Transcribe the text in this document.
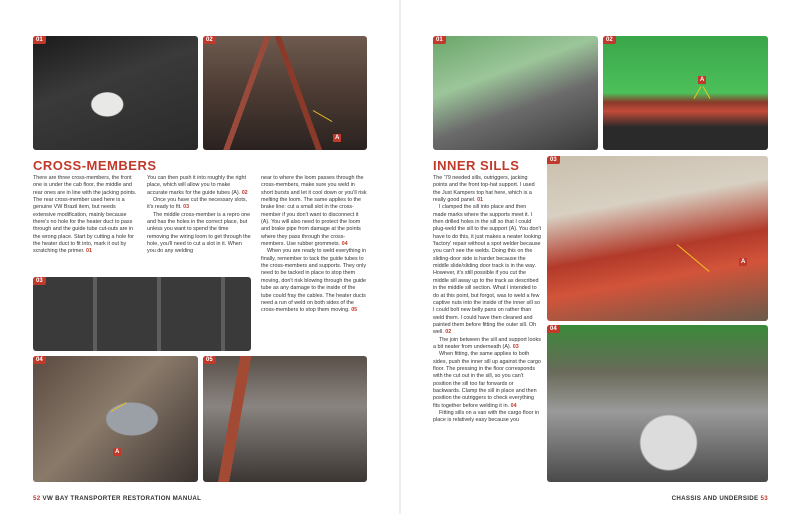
01	02
A
CROSS-MEMBERS

There are three cross-members, the front one is under the cab floor, the middle and rear ones are in line with the jacking points. The rear cross-member used here is a genuine VW Brazil item, but needs extensive modification, mainly because there's no hole for the heater duct to pass through and the guide tube cut-outs are in the wrong place. Start by cutting a hole for the heater duct to fit into, mark it out by scratching the primer. 01

You can then push it into roughly the right place, which will allow you to make accurate marks for the guide tubes (A). 02

Once you have cut the necessary slots, it's ready to fit. 03

The middle cross-member is a repro one and has the holes in the correct place, but unless you want to spend the time removing the wiring loom to get through the hole, you'll need to cut a slot in it. When you do any welding

near to where the loom passes through the cross-members, make sure you weld in short bursts and let it cool down or you'll risk melting the loom. The same applies to the brake line: cut a small slot in the cross-member if you don't want to disconnect it (A). You will also need to protect the loom and brake pipe from damage at the points where they pass through the cross-members. Use rubber grommets. 04

When you are ready to weld everything in finally, remember to tack the guide tubes to the cross-members and supports. They only need to be tacked in place to stop them moving, don't risk blowing through the guide tube as any damage to the inside of the tube could fray the cables. The heater ducts need a run of weld on both sides of the cross-members to stop them moving. 05

03
04
A
05
52 VW BAY TRANSPORTER RESTORATION MANUAL
01	02
A
INNER SILLS

The '79 needed sills, outriggers, jacking points and the front top-hat support. I used the Just Kampers top hat here, which is a really good panel. 01

I clamped the sill into place and then made marks where the supports meet it. I then drilled holes in the sill so that I could plug-weld the sill to the support (A). You don't have to do this, it just makes a neater looking 'factory' repair without a spot welder because you can't see the welds. Doing this on the sliding-door side is harder because the middle slide/sliding door track is in the way. However, it's still possible if you cut the middle sill away up to the track as described in the middle sill section. What I intended to do at this point, but forgot, was to weld a few captive nuts into the inside of the inner sill so I could bolt new belly pans on rather than weld them. I could have then cleaned and painted them before fitting the outer sill. Oh well. 02

The join between the sill and support looks a bit neater from underneath (A). 03

When fitting, the same applies to both sides, push the inner sill up against the cargo floor. The pressing in the floor corresponds with the cut out in the sill, so you can't position the sill too far forwards or backwards. Clamp the sill in place and then position the outriggers to check everything fits together before welding it in. 04

Fitting sills on a van with the cargo floor in place is relatively easy because you

03
A
04
CHASSIS AND UNDERSIDE 53
